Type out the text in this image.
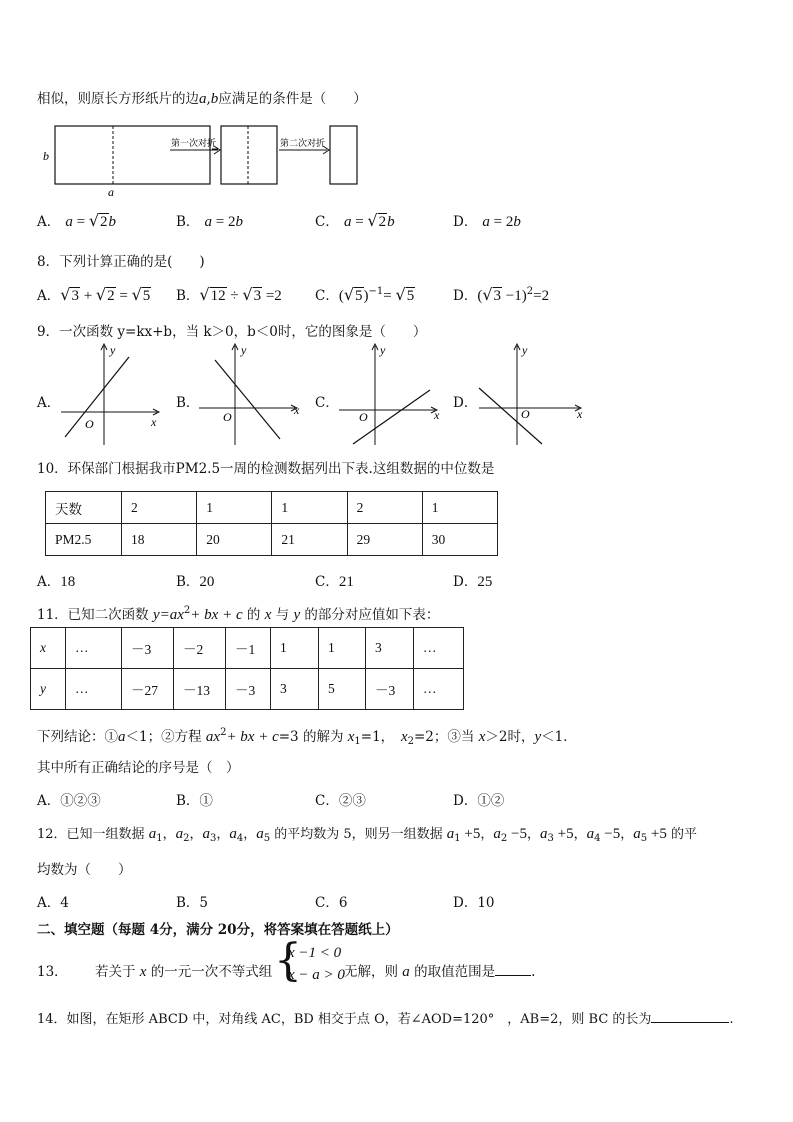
相似，则原长方形纸片的边a,b应满足的条件是（　　）
b
a
第一次对折	第二次对折
A． a = √2b	B． a = 2b	C． a = √2b	D． a = 2b
8．下列计算正确的是(　　)
A．√3 + √2 = √5 B．√12 ÷ √3 =2 C．$(√5)^{-1}= √5$	D．$(√3 -1)^2=2$
9．一次函数 y=kx+b，当 k＞0，b＜0时，它的图象是（　　）
A．	B．	C．	D．
y
x
O
y
x
O
y
x
O
y
x
O
10．环保部门根据我市PM2.5一周的检测数据列出下表.这组数据的中位数是
天数	2	1	1	2	1
PM2.5	18	20	21	29	30
A．18	B．20	C．21	D．25
11．已知二次函数 $y=ax^2+$ bx + c 的 x 与 y 的部分对应值如下表：
x	…	－3	－2	－1	1	1	3	…
y	…	－27	－13	－3	3	5	－3	…
下列结论：①a＜1；②方程 $ax^2+$ bx + c=3 的解为 $x_1=1$，　$x_2=2$；③当 x＞2时，y＜1．
其中所有正确结论的序号是（　）
A．①②③	B．①	C．②③	D．①②
12．已知一组数据 $a_1$，$a_2$，$a_3$，$a_4$，$a_5$ 的平均数为 5，则另一组数据 $a_1 +5$，$a_2 -5$，$a_3 +5$，$a_4 -5$，$a_5 +5$ 的平
均数为（　　）
A．4	B．5	C．6	D．10
二、填空题（每题 4分，满分 20分，将答案填在答题纸上）
13． 若关于 x 的一元一次不等式组 {
x −1 < 0
x − a > 0 无解，则 a 的取值范围是	.
14．如图，在矩形 ABCD 中，对角线 AC，BD 相交于点 O，若∠AOD=120°　，AB=2，则 BC 的长为	.
